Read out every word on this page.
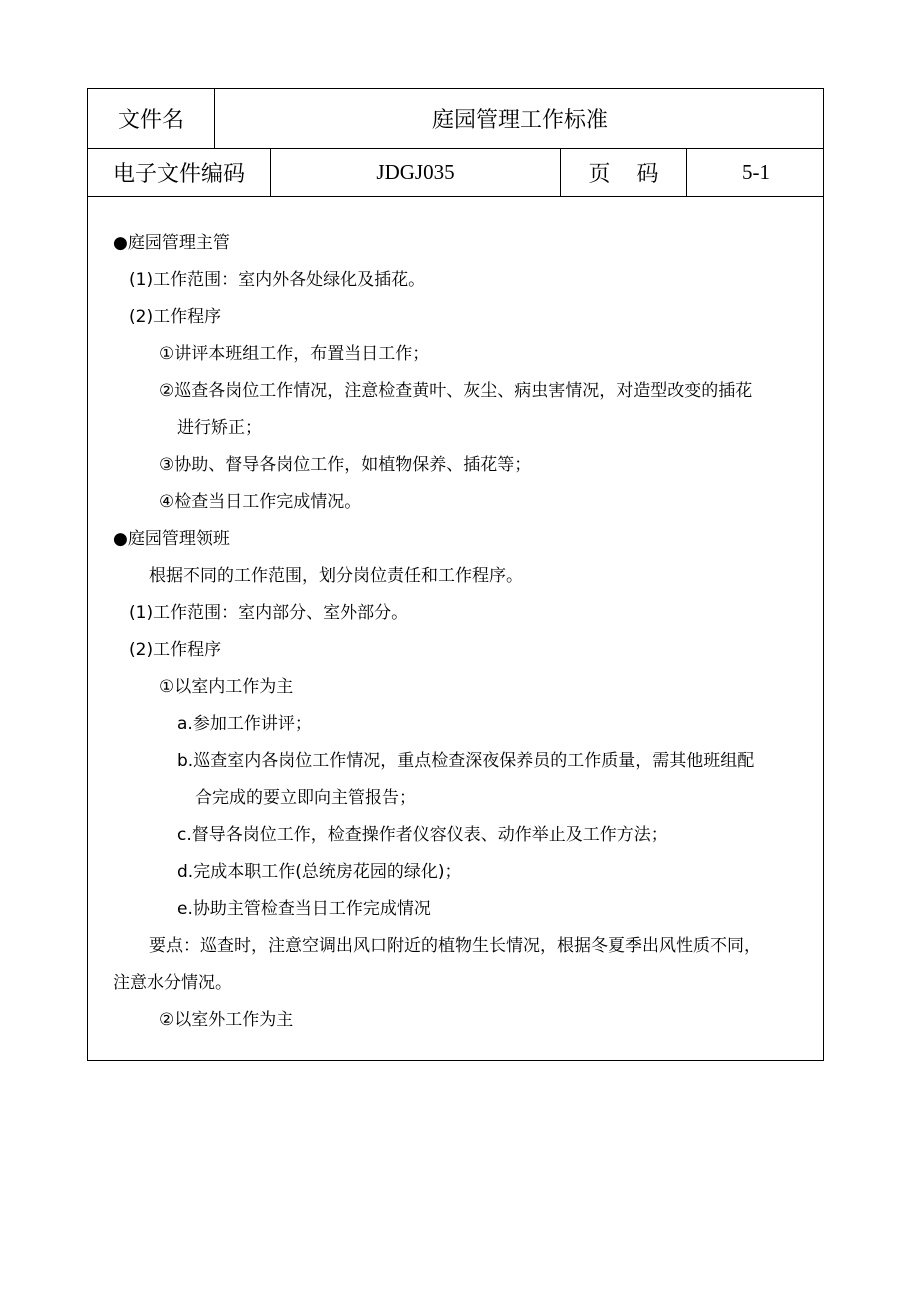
文件名	庭园管理工作标准
电子文件编码	JDGJ035	页码	5-1
●庭园管理主管
(1)工作范围：室内外各处绿化及插花。
(2)工作程序
①讲评本班组工作，布置当日工作；
②巡查各岗位工作情况，注意检查黄叶、灰尘、病虫害情况，对造型改变的插花
进行矫正；
③协助、督导各岗位工作，如植物保养、插花等；
④检查当日工作完成情况。
●庭园管理领班
根据不同的工作范围，划分岗位责任和工作程序。
(1)工作范围：室内部分、室外部分。
(2)工作程序
①以室内工作为主
a.参加工作讲评；
b.巡查室内各岗位工作情况，重点检查深夜保养员的工作质量，需其他班组配
合完成的要立即向主管报告；
c.督导各岗位工作，检查操作者仪容仪表、动作举止及工作方法；
d.完成本职工作(总统房花园的绿化)；
e.协助主管检查当日工作完成情况
要点：巡查时，注意空调出风口附近的植物生长情况，根据冬夏季出风性质不同，
注意水分情况。
②以室外工作为主
